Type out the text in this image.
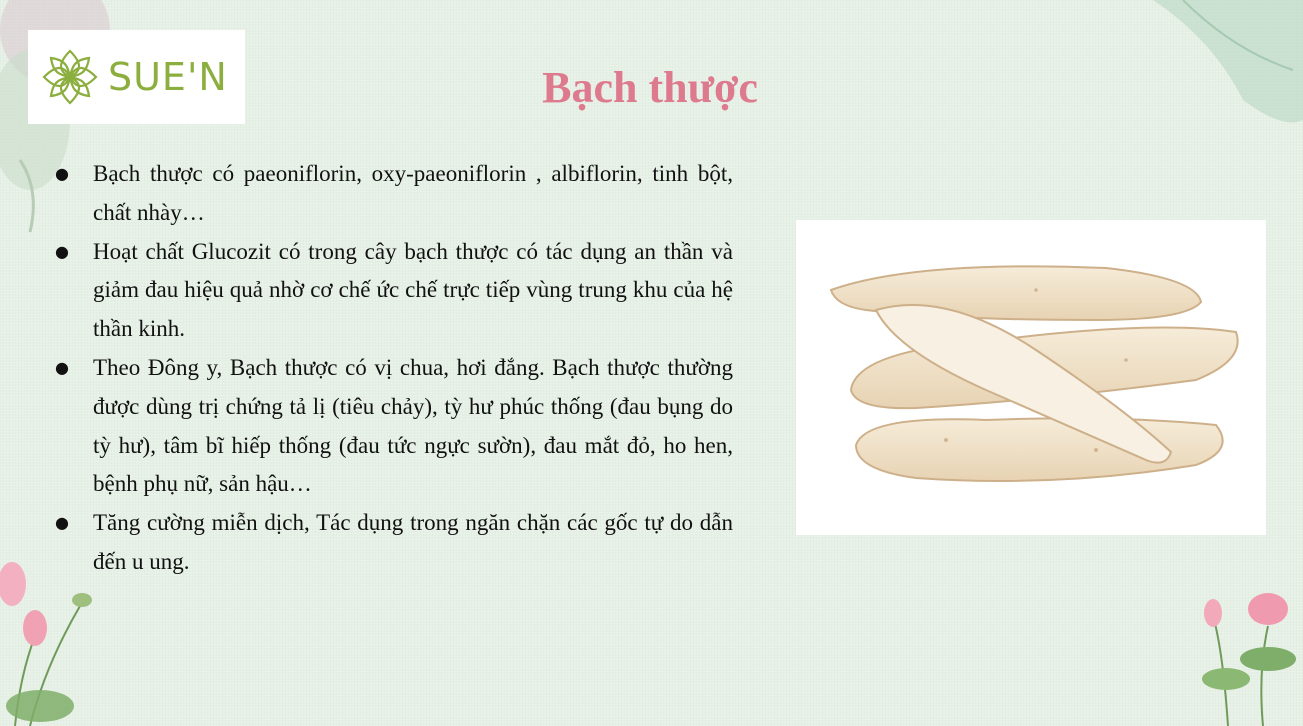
SUE'N	Bạch thược
● Bạch thược có paeoniflorin, oxy-paeoniflorin , albiflorin, tinh bột, chất nhày…
● Hoạt chất Glucozit có trong cây bạch thược có tác dụng an thần và giảm đau hiệu quả nhờ cơ chế ức chế trực tiếp vùng trung khu của hệ thần kinh.
● Theo Đông y, Bạch thược có vị chua, hơi đắng. Bạch thược thường được dùng trị chứng tả lị (tiêu chảy), tỳ hư phúc thống (đau bụng do tỳ hư), tâm bĩ hiếp thống (đau tức ngực sườn), đau mắt đỏ, ho hen, bệnh phụ nữ, sản hậu…
● Tăng cường miễn dịch, Tác dụng trong ngăn chặn các gốc tự do dẫn đến u ung.
